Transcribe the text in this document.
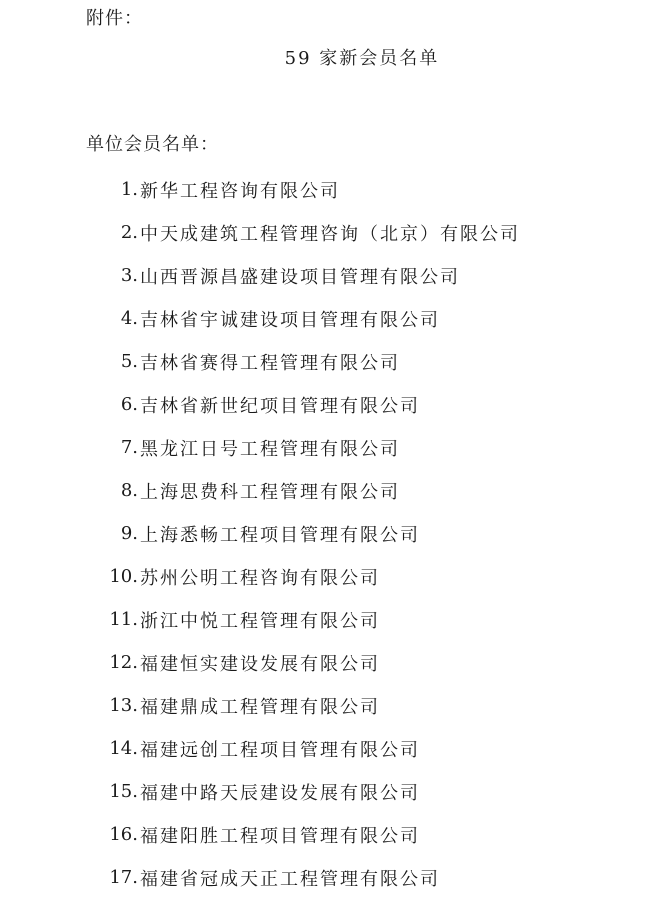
附件：
59 家新会员名单
单位会员名单：
1. 新华工程咨询有限公司
2. 中天成建筑工程管理咨询（北京）有限公司
3. 山西晋源昌盛建设项目管理有限公司
4. 吉林省宇诚建设项目管理有限公司
5. 吉林省赛得工程管理有限公司
6. 吉林省新世纪项目管理有限公司
7. 黑龙江日号工程管理有限公司
8. 上海思费科工程管理有限公司
9. 上海悉畅工程项目管理有限公司
10. 苏州公明工程咨询有限公司
11. 浙江中悦工程管理有限公司
12. 福建恒实建设发展有限公司
13. 福建鼎成工程管理有限公司
14. 福建远创工程项目管理有限公司
15. 福建中路天辰建设发展有限公司
16. 福建阳胜工程项目管理有限公司
17. 福建省冠成天正工程管理有限公司
